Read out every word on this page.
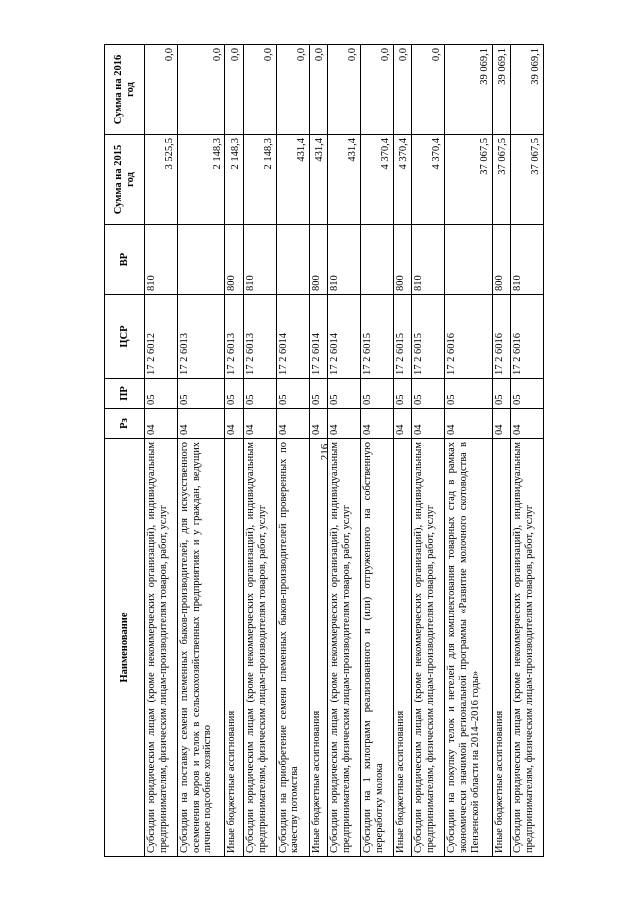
216
Наименование	Рз	ПР	ЦСР	ВР	Сумма на 2015 год	Сумма на 2016 год
Субсидии юридическим лицам (кроме некоммерческих организаций), индивидуальным предпринимателям, физическим лицам-производителям товаров, работ, услуг	04	05	17 2 6012	810	3 525,5	0,0
Субсидии на поставку семени племенных быков-производителей, для искусственного осеменения коров и телок в сельскохозяйственных предприятиях и у граждан, ведущих личное подсобное хозяйство	04	05	17 2 6013		2 148,3	0,0
Иные бюджетные ассигнования	04	05	17 2 6013	800	2 148,3	0,0
Субсидии юридическим лицам (кроме некоммерческих организаций), индивидуальным предпринимателям, физическим лицам-производителям товаров, работ, услуг	04	05	17 2 6013	810	2 148,3	0,0
Субсидии на приобретение семени племенных быков-производителей проверенных по качеству потомства	04	05	17 2 6014		431,4	0,0
Иные бюджетные ассигнования	04	05	17 2 6014	800	431,4	0,0
Субсидии юридическим лицам (кроме некоммерческих организаций), индивидуальным предпринимателям, физическим лицам-производителям товаров, работ, услуг	04	05	17 2 6014	810	431,4	0,0
Субсидии на 1 килограмм реализованного и (или) отгруженного на собственную переработку молока	04	05	17 2 6015		4 370,4	0,0
Иные бюджетные ассигнования	04	05	17 2 6015	800	4 370,4	0,0
Субсидии юридическим лицам (кроме некоммерческих организаций), индивидуальным предпринимателям, физическим лицам-производителям товаров, работ, услуг	04	05	17 2 6015	810	4 370,4	0,0
Субсидии на покупку телок и нетелей для комплектования товарных стад в рамках экономически значимой региональной программы «Развитие молочного скотоводства в Пензенской области на 2014–2016 годы»	04	05	17 2 6016		37 067,5	39 069,1
Иные бюджетные ассигнования	04	05	17 2 6016	800	37 067,5	39 069,1
Субсидии юридическим лицам (кроме некоммерческих организаций), индивидуальным предпринимателям, физическим лицам-производителям товаров, работ, услуг	04	05	17 2 6016	810	37 067,5	39 069,1
